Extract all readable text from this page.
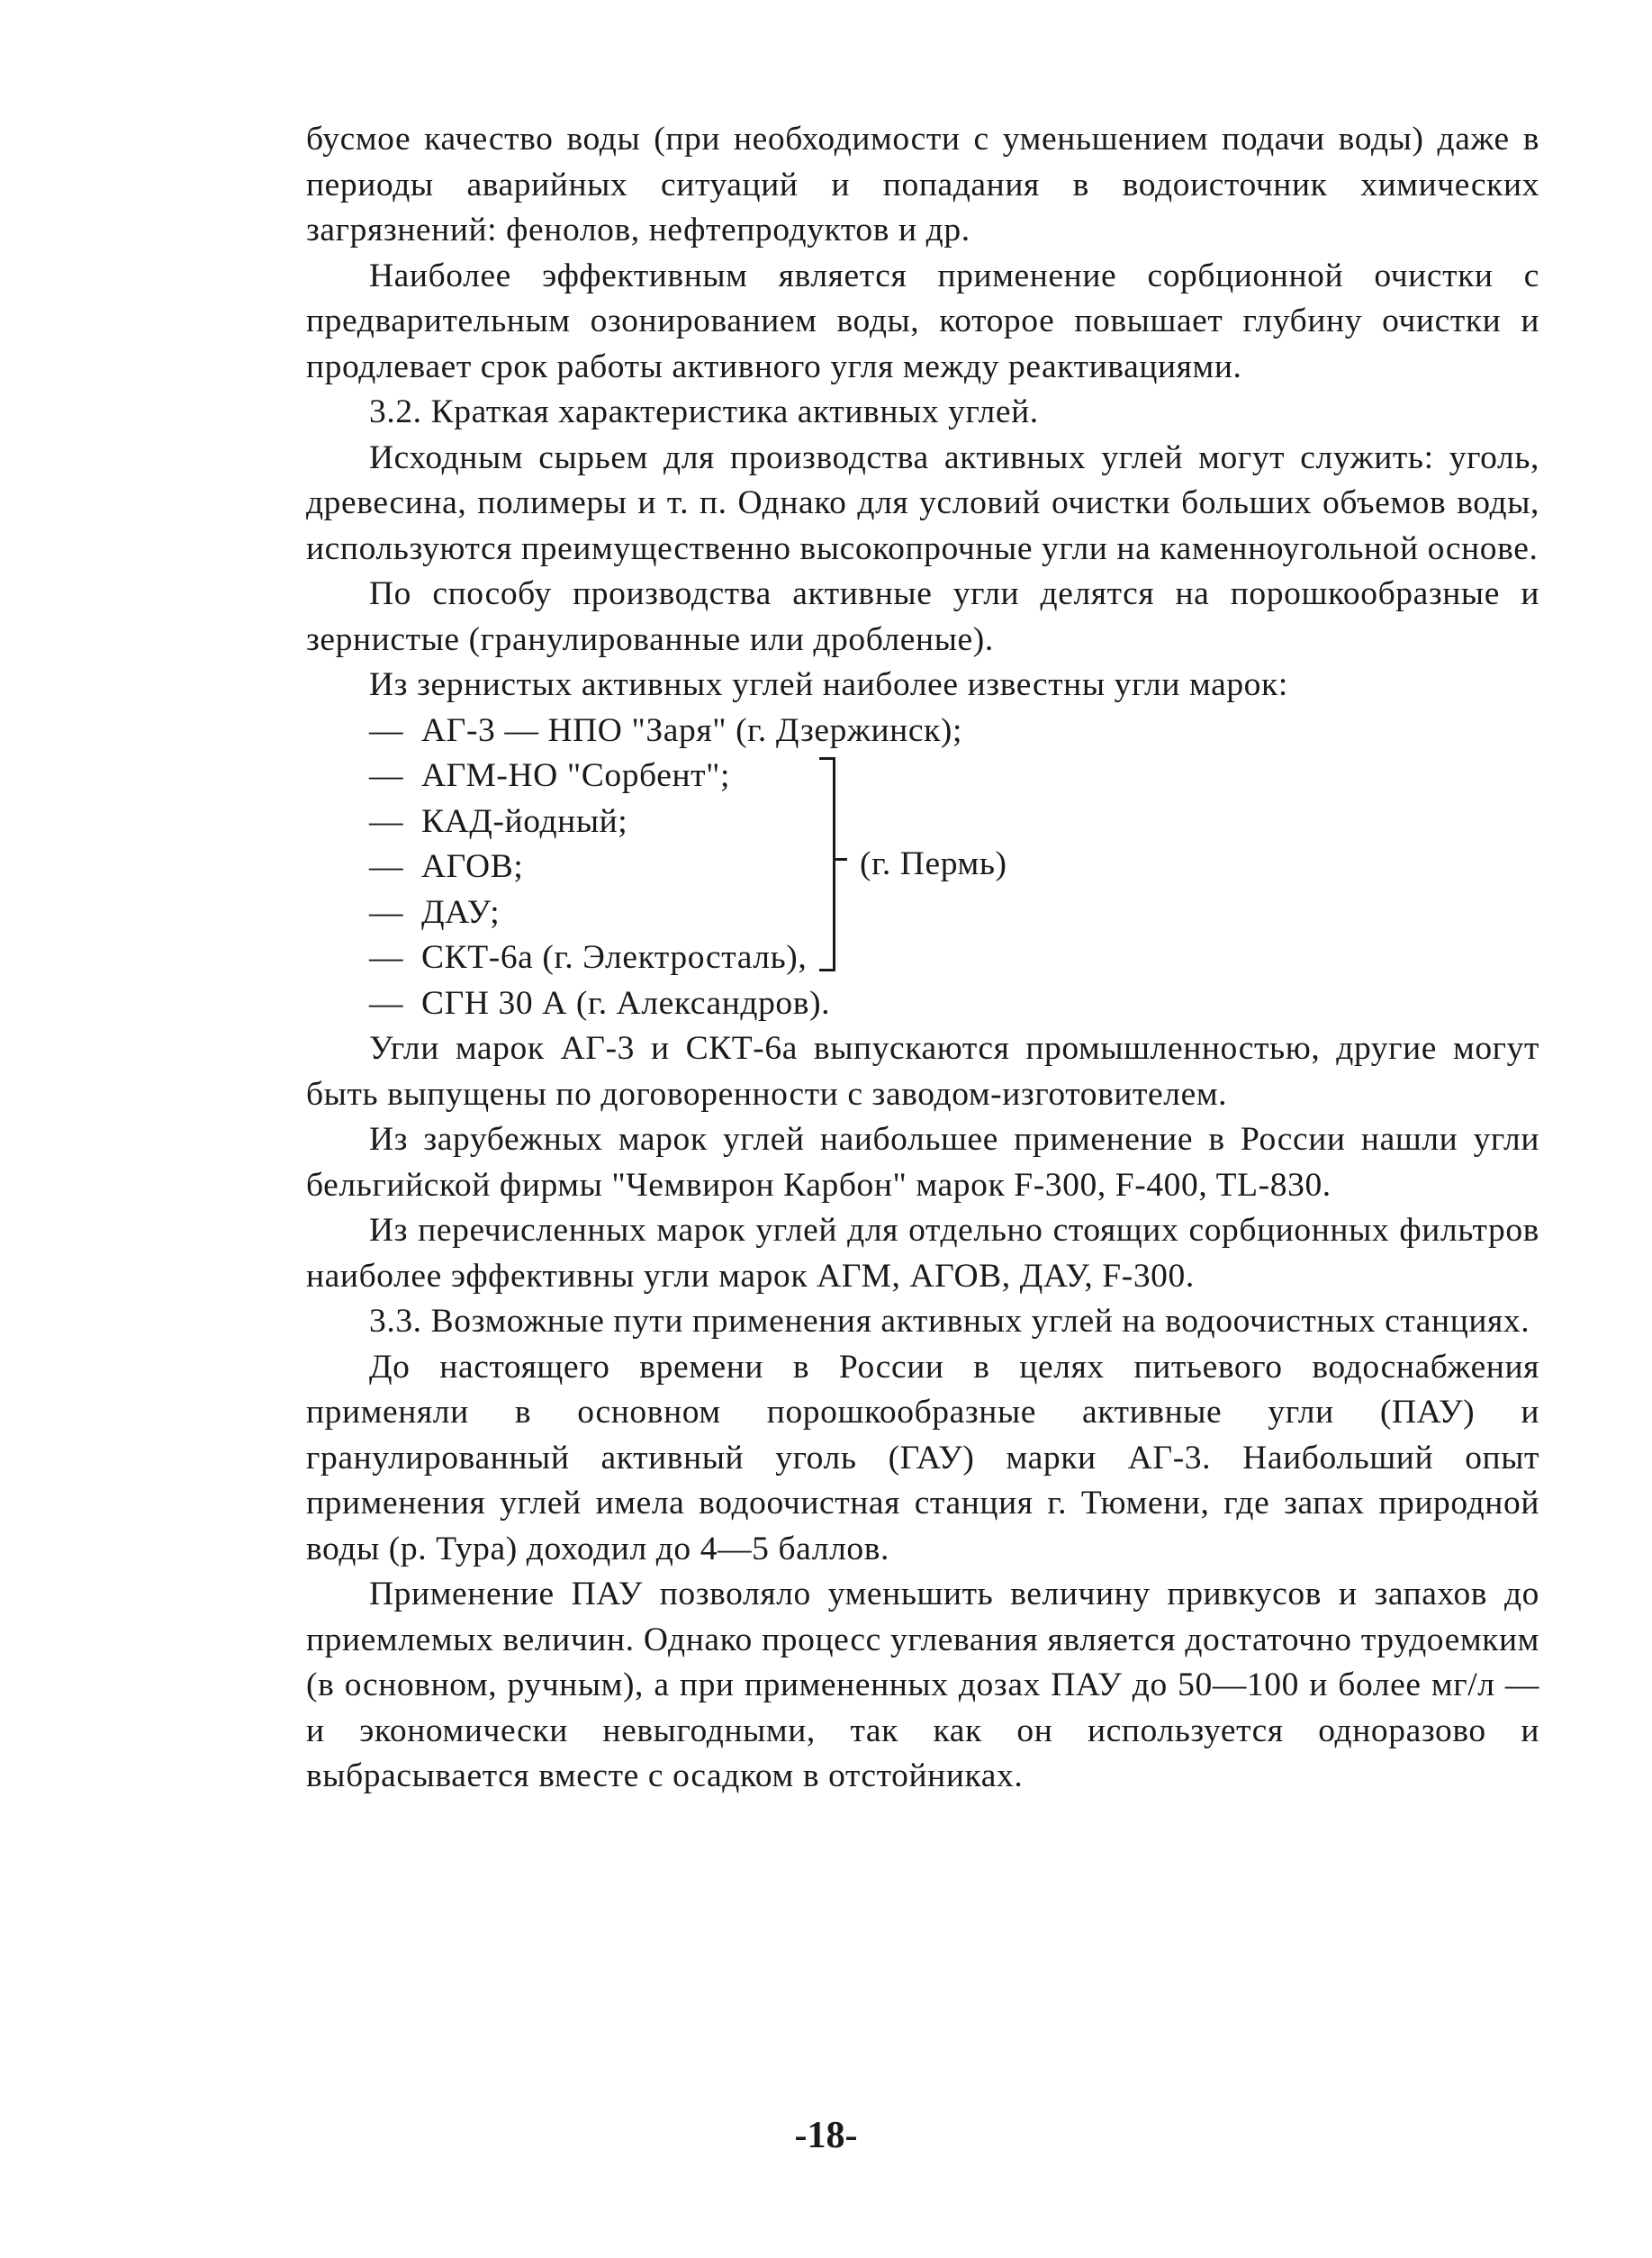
бусмое качество воды (при необходимости с уменьшением подачи воды) даже в периоды аварийных ситуаций и попадания в водоисточник химических загрязнений: фенолов, нефтепродуктов и др.

Наиболее эффективным является применение сорбционной очистки с предварительным озонированием воды, которое повышает глубину очистки и продлевает срок работы активного угля между реактивациями.

3.2. Краткая характеристика активных углей.

Исходным сырьем для производства активных углей могут служить: уголь, древесина, полимеры и т. п. Однако для условий очистки больших объемов воды, используются преимущественно высокопрочные угли на каменноугольной основе.

По способу производства активные угли делятся на порошкообразные и зернистые (гранулированные или дробленые).

Из зернистых активных углей наиболее известны угли марок:

— АГ-3 — НПО "Заря" (г. Дзержинск);
— АГМ-НО "Сорбент";
— КАД-йодный;
— АГОВ;
— ДАУ;
(г. Пермь)
— СКТ-6а (г. Электросталь),
— СГН 30 А (г. Александров).

Угли марок АГ-3 и СКТ-6а выпускаются промышленностью, другие могут быть выпущены по договоренности с заводом-изготовителем.

Из зарубежных марок углей наибольшее применение в России нашли угли бельгийской фирмы "Чемвирон Карбон" марок F-300, F-400, TL-830.

Из перечисленных марок углей для отдельно стоящих сорбционных фильтров наиболее эффективны угли марок АГМ, АГОВ, ДАУ, F-300.

3.3. Возможные пути применения активных углей на водоочистных станциях.

До настоящего времени в России в целях питьевого водоснабжения применяли в основном порошкообразные активные угли (ПАУ) и гранулированный активный уголь (ГАУ) марки АГ-3. Наибольший опыт применения углей имела водоочистная станция г. Тюмени, где запах природной воды (р. Тура) доходил до 4—5 баллов.

Применение ПАУ позволяло уменьшить величину привкусов и запахов до приемлемых величин. Однако процесс углевания является достаточно трудоемким (в основном, ручным), а при примененных дозах ПАУ до 50—100 и более мг/л — и экономически невыгодными, так как он используется одноразово и выбрасывается вместе с осадком в отстойниках.

-18-
